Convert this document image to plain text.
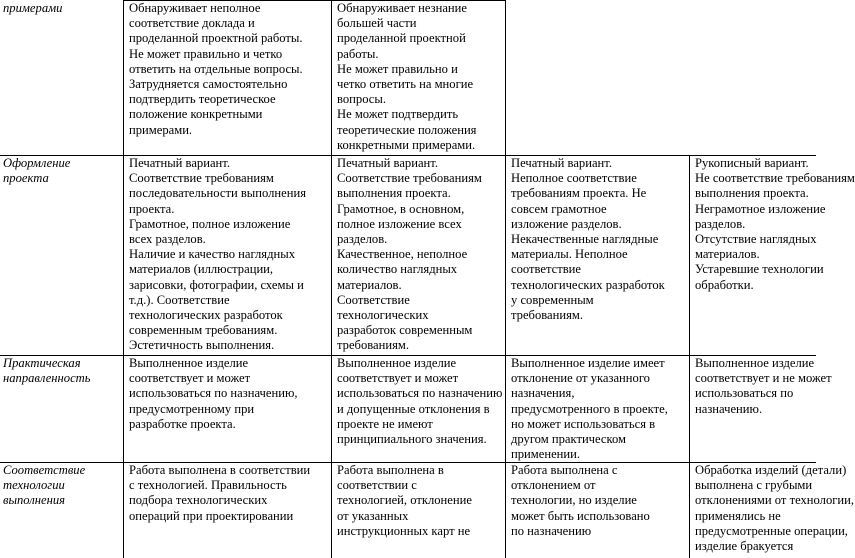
примерами	Обнаруживает неполное
соответствие доклада и
проделанной проектной работы.
Не может правильно и четко
ответить на отдельные вопросы.
Затрудняется самостоятельно
подтвердить теоретическое
положение конкретными
примерами.
Обнаруживает незнание
большей части
проделанной проектной
работы.
Не может правильно и
четко ответить на многие
вопросы.
Не может подтвердить
теоретические положения
конкретными примерами.
Оформление
проекта
Печатный вариант.
Соответствие требованиям
последовательности выполнения
проекта.
Грамотное, полное изложение
всех разделов.
Наличие и качество наглядных
материалов (иллюстрации,
зарисовки, фотографии, схемы и
т.д.). Соответствие
технологических разработок
современным требованиям.
Эстетичность выполнения.
Печатный вариант.
Соответствие требованиям
выполнения проекта.
Грамотное, в основном,
полное изложение всех
разделов.
Качественное, неполное
количество наглядных
материалов.
Соответствие
технологических
разработок современным
требованиям.
Печатный вариант.
Неполное соответствие
требованиям проекта. Не
совсем грамотное
изложение разделов.
Некачественные наглядные
материалы. Неполное
соответствие
технологических разработок
у современным
требованиям.
Рукописный вариант.
Не соответствие требованиям
выполнения проекта.
Неграмотное изложение
разделов.
Отсутствие наглядных
материалов.
Устаревшие технологии
обработки.
Практическая
направленность
Выполненное изделие
соответствует и может
использоваться по назначению,
предусмотренному при
разработке проекта.
Выполненное изделие
соответствует и может
использоваться по назначению
и допущенные отклонения в
проекте не имеют
принципиального значения.
Выполненное изделие имеет
отклонение от указанного
назначения,
предусмотренного в проекте,
но может использоваться в
другом практическом
применении.
Выполненное изделие
соответствует и не может
использоваться по
назначению.
Соответствие
технологии
выполнения
Работа выполнена в соответствии
с технологией. Правильность
подбора технологических
операций при проектировании
Работа выполнена в
соответствии с
технологией, отклонение
от указанных
инструкционных карт не
Работа выполнена с
отклонением от
технологии, но изделие
может быть использовано
по назначению
Обработка изделий (детали)
выполнена с грубыми
отклонениями от технологии,
применялись не
предусмотренные операции,
изделие бракуется
